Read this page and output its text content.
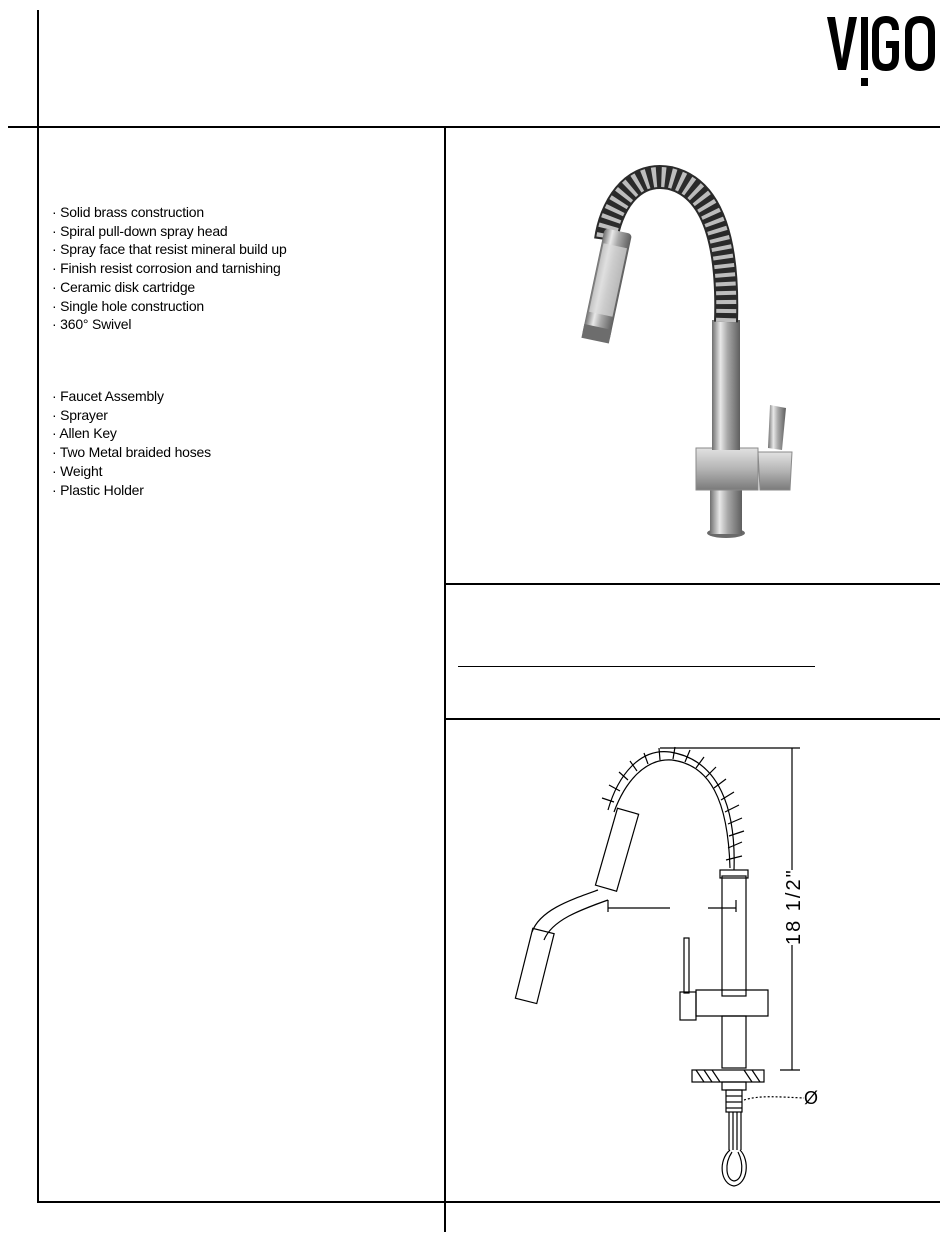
· Solid brass construction
· Spiral pull-down spray head
· Spray face that resist mineral build up
· Finish resist corrosion and tarnishing
· Ceramic disk cartridge
· Single hole construction
· 360° Swivel
· Faucet Assembly
· Sprayer
· Allen Key
· Two Metal braided hoses
· Weight
· Plastic Holder
18 1/2"
Ø
